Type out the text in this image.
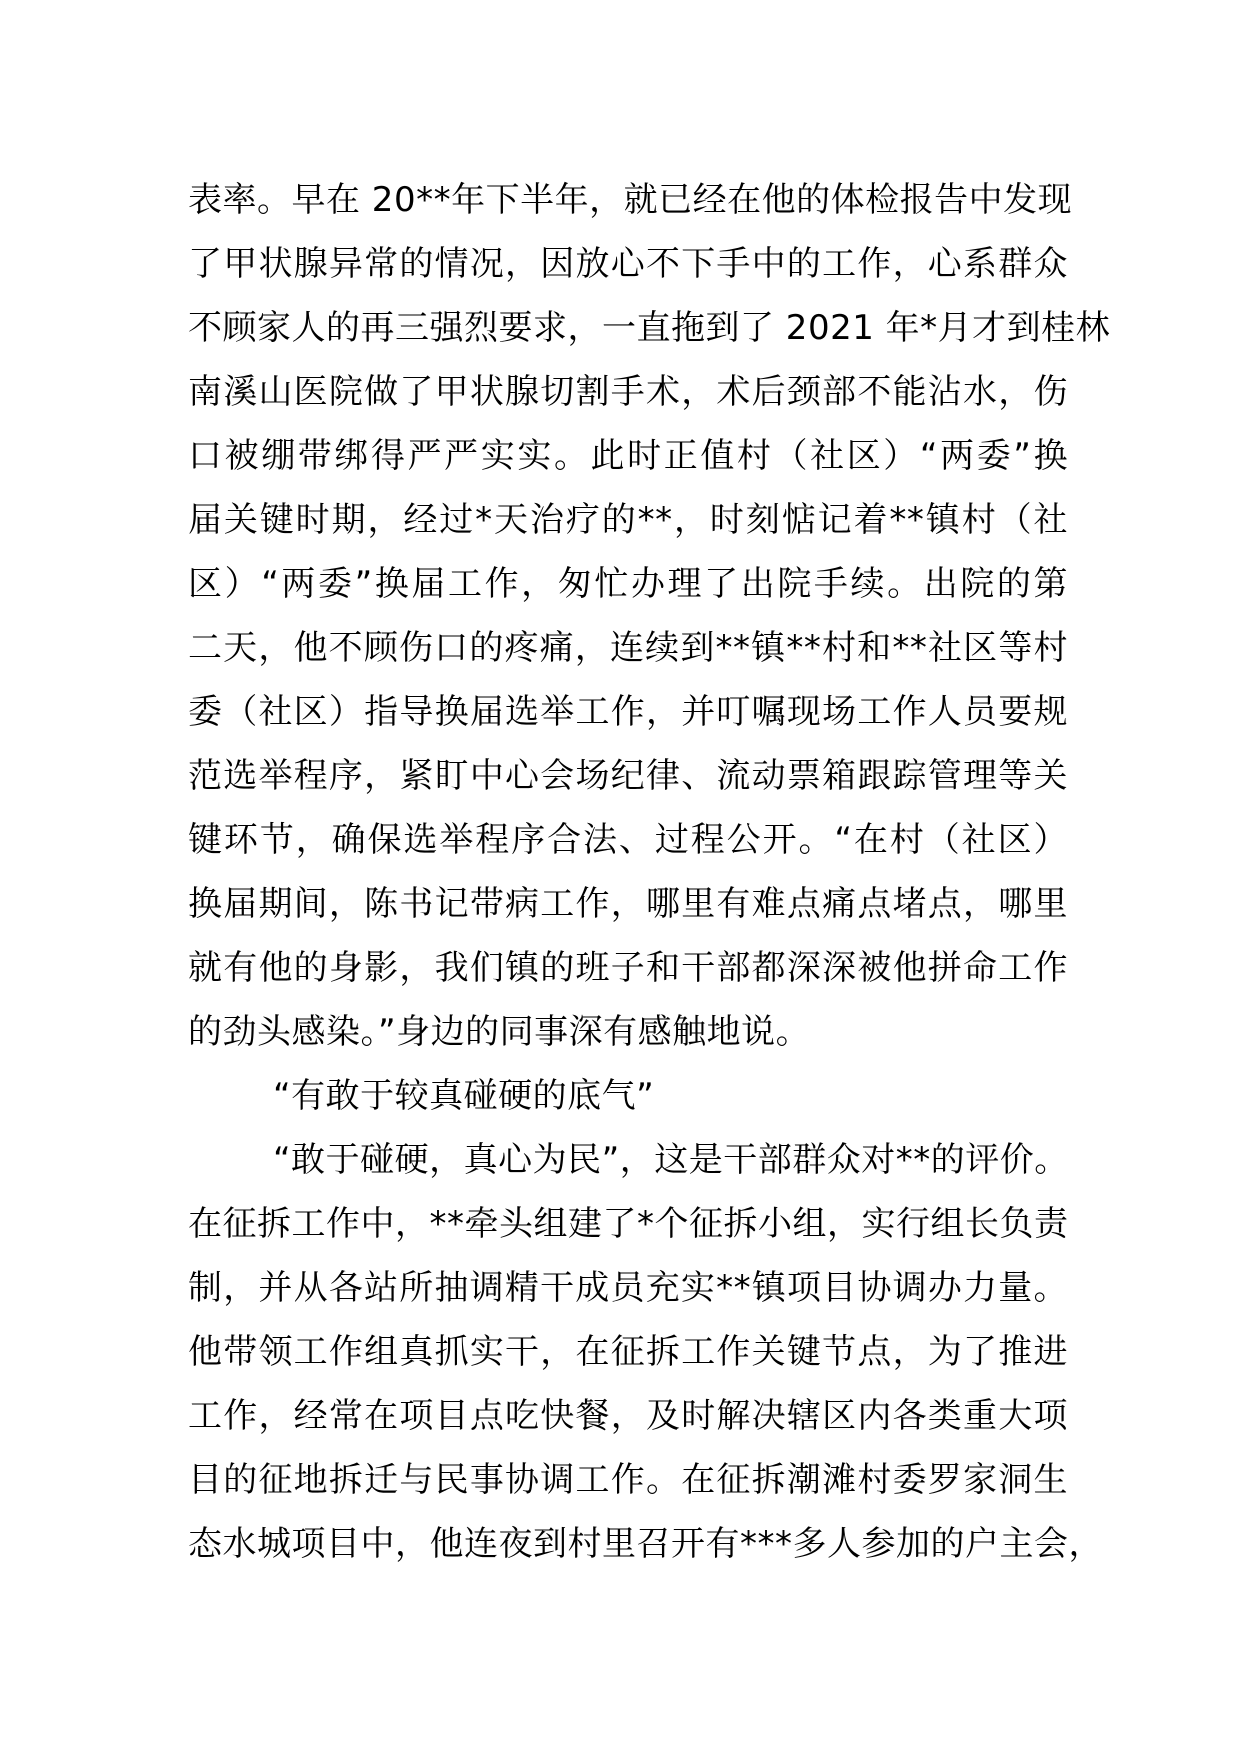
表率。早在 20**年下半年，就已经在他的体检报告中发现
了甲状腺异常的情况，因放心不下手中的工作，心系群众
不顾家人的再三强烈要求，一直拖到了 2021 年*月才到桂林
南溪山医院做了甲状腺切割手术，术后颈部不能沾水，伤
口被绷带绑得严严实实。此时正值村（社区）“两委”换
届关键时期，经过*天治疗的**，时刻惦记着**镇村（社
区）“两委”换届工作，匆忙办理了出院手续。出院的第
二天，他不顾伤口的疼痛，连续到**镇**村和**社区等村
委（社区）指导换届选举工作，并叮嘱现场工作人员要规
范选举程序，紧盯中心会场纪律、流动票箱跟踪管理等关
键环节，确保选举程序合法、过程公开。“在村（社区）
换届期间，陈书记带病工作，哪里有难点痛点堵点，哪里
就有他的身影，我们镇的班子和干部都深深被他拼命工作
的劲头感染。”身边的同事深有感触地说。
“有敢于较真碰硬的底气”
“敢于碰硬，真心为民”，这是干部群众对**的评价。
在征拆工作中，**牵头组建了*个征拆小组，实行组长负责
制，并从各站所抽调精干成员充实**镇项目协调办力量。
他带领工作组真抓实干，在征拆工作关键节点，为了推进
工作，经常在项目点吃快餐，及时解决辖区内各类重大项
目的征地拆迁与民事协调工作。在征拆潮滩村委罗家洞生
态水城项目中，他连夜到村里召开有***多人参加的户主会，
